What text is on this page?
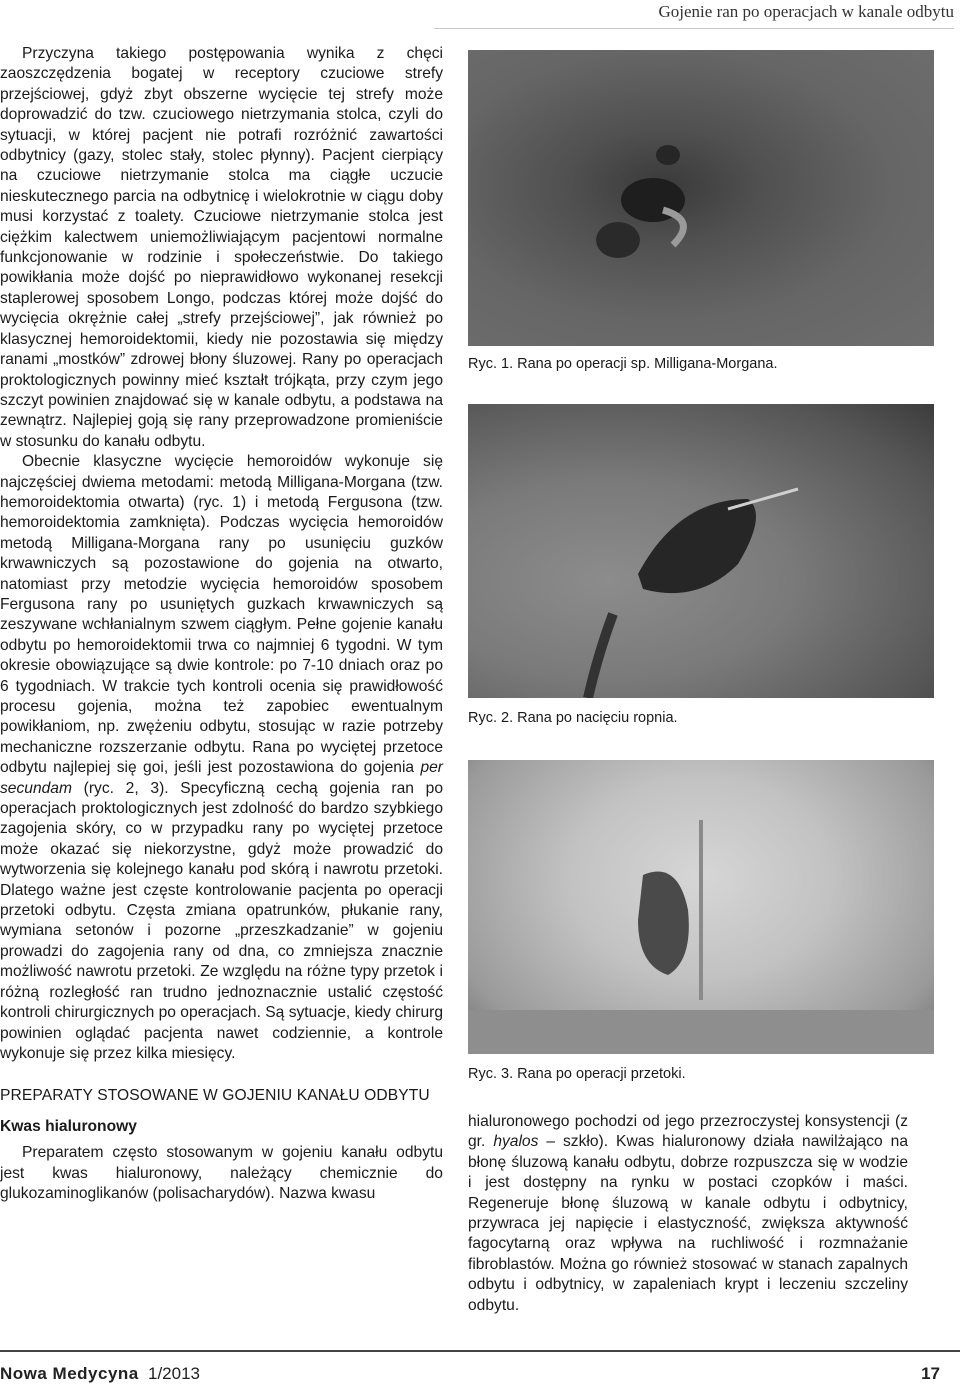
Gojenie ran po operacjach w kanale odbytu

Przyczyna takiego postępowania wynika z chęci zaoszczędzenia bogatej w receptory czuciowe strefy przejściowej, gdyż zbyt obszerne wycięcie tej strefy może doprowadzić do tzw. czuciowego nietrzymania stolca, czyli do sytuacji, w której pacjent nie potrafi rozróżnić zawartości odbytnicy (gazy, stolec stały, stolec płynny). Pacjent cierpiący na czuciowe nietrzymanie stolca ma ciągłe uczucie nieskutecznego parcia na odbytnicę i wielokrotnie w ciągu doby musi korzystać z toalety. Czuciowe nietrzymanie stolca jest ciężkim kalectwem uniemożliwiającym pacjentowi normalne funkcjonowanie w rodzinie i społeczeństwie. Do takiego powikłania może dojść po nieprawidłowo wykonanej resekcji staplerowej sposobem Longo, podczas której może dojść do wycięcia okrężnie całej „strefy przejściowej”, jak również po klasycznej hemoroidektomii, kiedy nie pozostawia się między ranami „mostków” zdrowej błony śluzowej. Rany po operacjach proktologicznych powinny mieć kształt trójkąta, przy czym jego szczyt powinien znajdować się w kanale odbytu, a podstawa na zewnątrz. Najlepiej goją się rany przeprowadzone promieniście w stosunku do kanału odbytu.

Obecnie klasyczne wycięcie hemoroidów wykonuje się najczęściej dwiema metodami: metodą Milligana-Morgana (tzw. hemoroidektomia otwarta) (ryc. 1) i metodą Fergusona (tzw. hemoroidektomia zamknięta). Podczas wycięcia hemoroidów metodą Milligana-Morgana rany po usunięciu guzków krwawniczych są pozostawione do gojenia na otwarto, natomiast przy metodzie wycięcia hemoroidów sposobem Fergusona rany po usuniętych guzkach krwawniczych są zeszywane wchłanialnym szwem ciągłym. Pełne gojenie kanału odbytu po hemoroidektomii trwa co najmniej 6 tygodni. W tym okresie obowiązujące są dwie kontrole: po 7-10 dniach oraz po 6 tygodniach. W trakcie tych kontroli ocenia się prawidłowość procesu gojenia, można też zapobiec ewentualnym powikłaniom, np. zwężeniu odbytu, stosując w razie potrzeby mechaniczne rozszerzanie odbytu. Rana po wyciętej przetoce odbytu najlepiej się goi, jeśli jest pozostawiona do gojenia per secundam (ryc. 2, 3). Specyficzną cechą gojenia ran po operacjach proktologicznych jest zdolność do bardzo szybkiego zagojenia skóry, co w przypadku rany po wyciętej przetoce może okazać się niekorzystne, gdyż może prowadzić do wytworzenia się kolejnego kanału pod skórą i nawrotu przetoki. Dlatego ważne jest częste kontrolowanie pacjenta po operacji przetoki odbytu. Częsta zmiana opatrunków, płukanie rany, wymiana setonów i pozorne „przeszkadzanie” w gojeniu prowadzi do zagojenia rany od dna, co zmniejsza znacznie możliwość nawrotu przetoki. Ze względu na różne typy przetok i różną rozległość ran trudno jednoznacznie ustalić częstość kontroli chirurgicznych po operacjach. Są sytuacje, kiedy chirurg powinien oglądać pacjenta nawet codziennie, a kontrole wykonuje się przez kilka miesięcy.

PREPARATY STOSOWANE W GOJENIU KANAŁU ODBYTU
Kwas hialuronowy

Preparatem często stosowanym w gojeniu kanału odbytu jest kwas hialuronowy, należący chemicznie do glukozaminoglikanów (polisacharydów). Nazwa kwasu

Ryc. 1. Rana po operacji sp. Milligana-Morgana.
Ryc. 2. Rana po nacięciu ropnia.
Ryc. 3. Rana po operacji przetoki.

hialuronowego pochodzi od jego przezroczystej konsystencji (z gr. hyalos – szkło). Kwas hialuronowy działa nawilżająco na błonę śluzową kanału odbytu, dobrze rozpuszcza się w wodzie i jest dostępny na rynku w postaci czopków i maści. Regeneruje błonę śluzową w kanale odbytu i odbytnicy, przywraca jej napięcie i elastyczność, zwiększa aktywność fagocytarną oraz wpływa na ruchliwość i rozmnażanie fibroblastów. Można go również stosować w stanach zapalnych odbytu i odbytnicy, w zapaleniach krypt i leczeniu szczeliny odbytu.

Nowa Medycyna 1/2013	17
